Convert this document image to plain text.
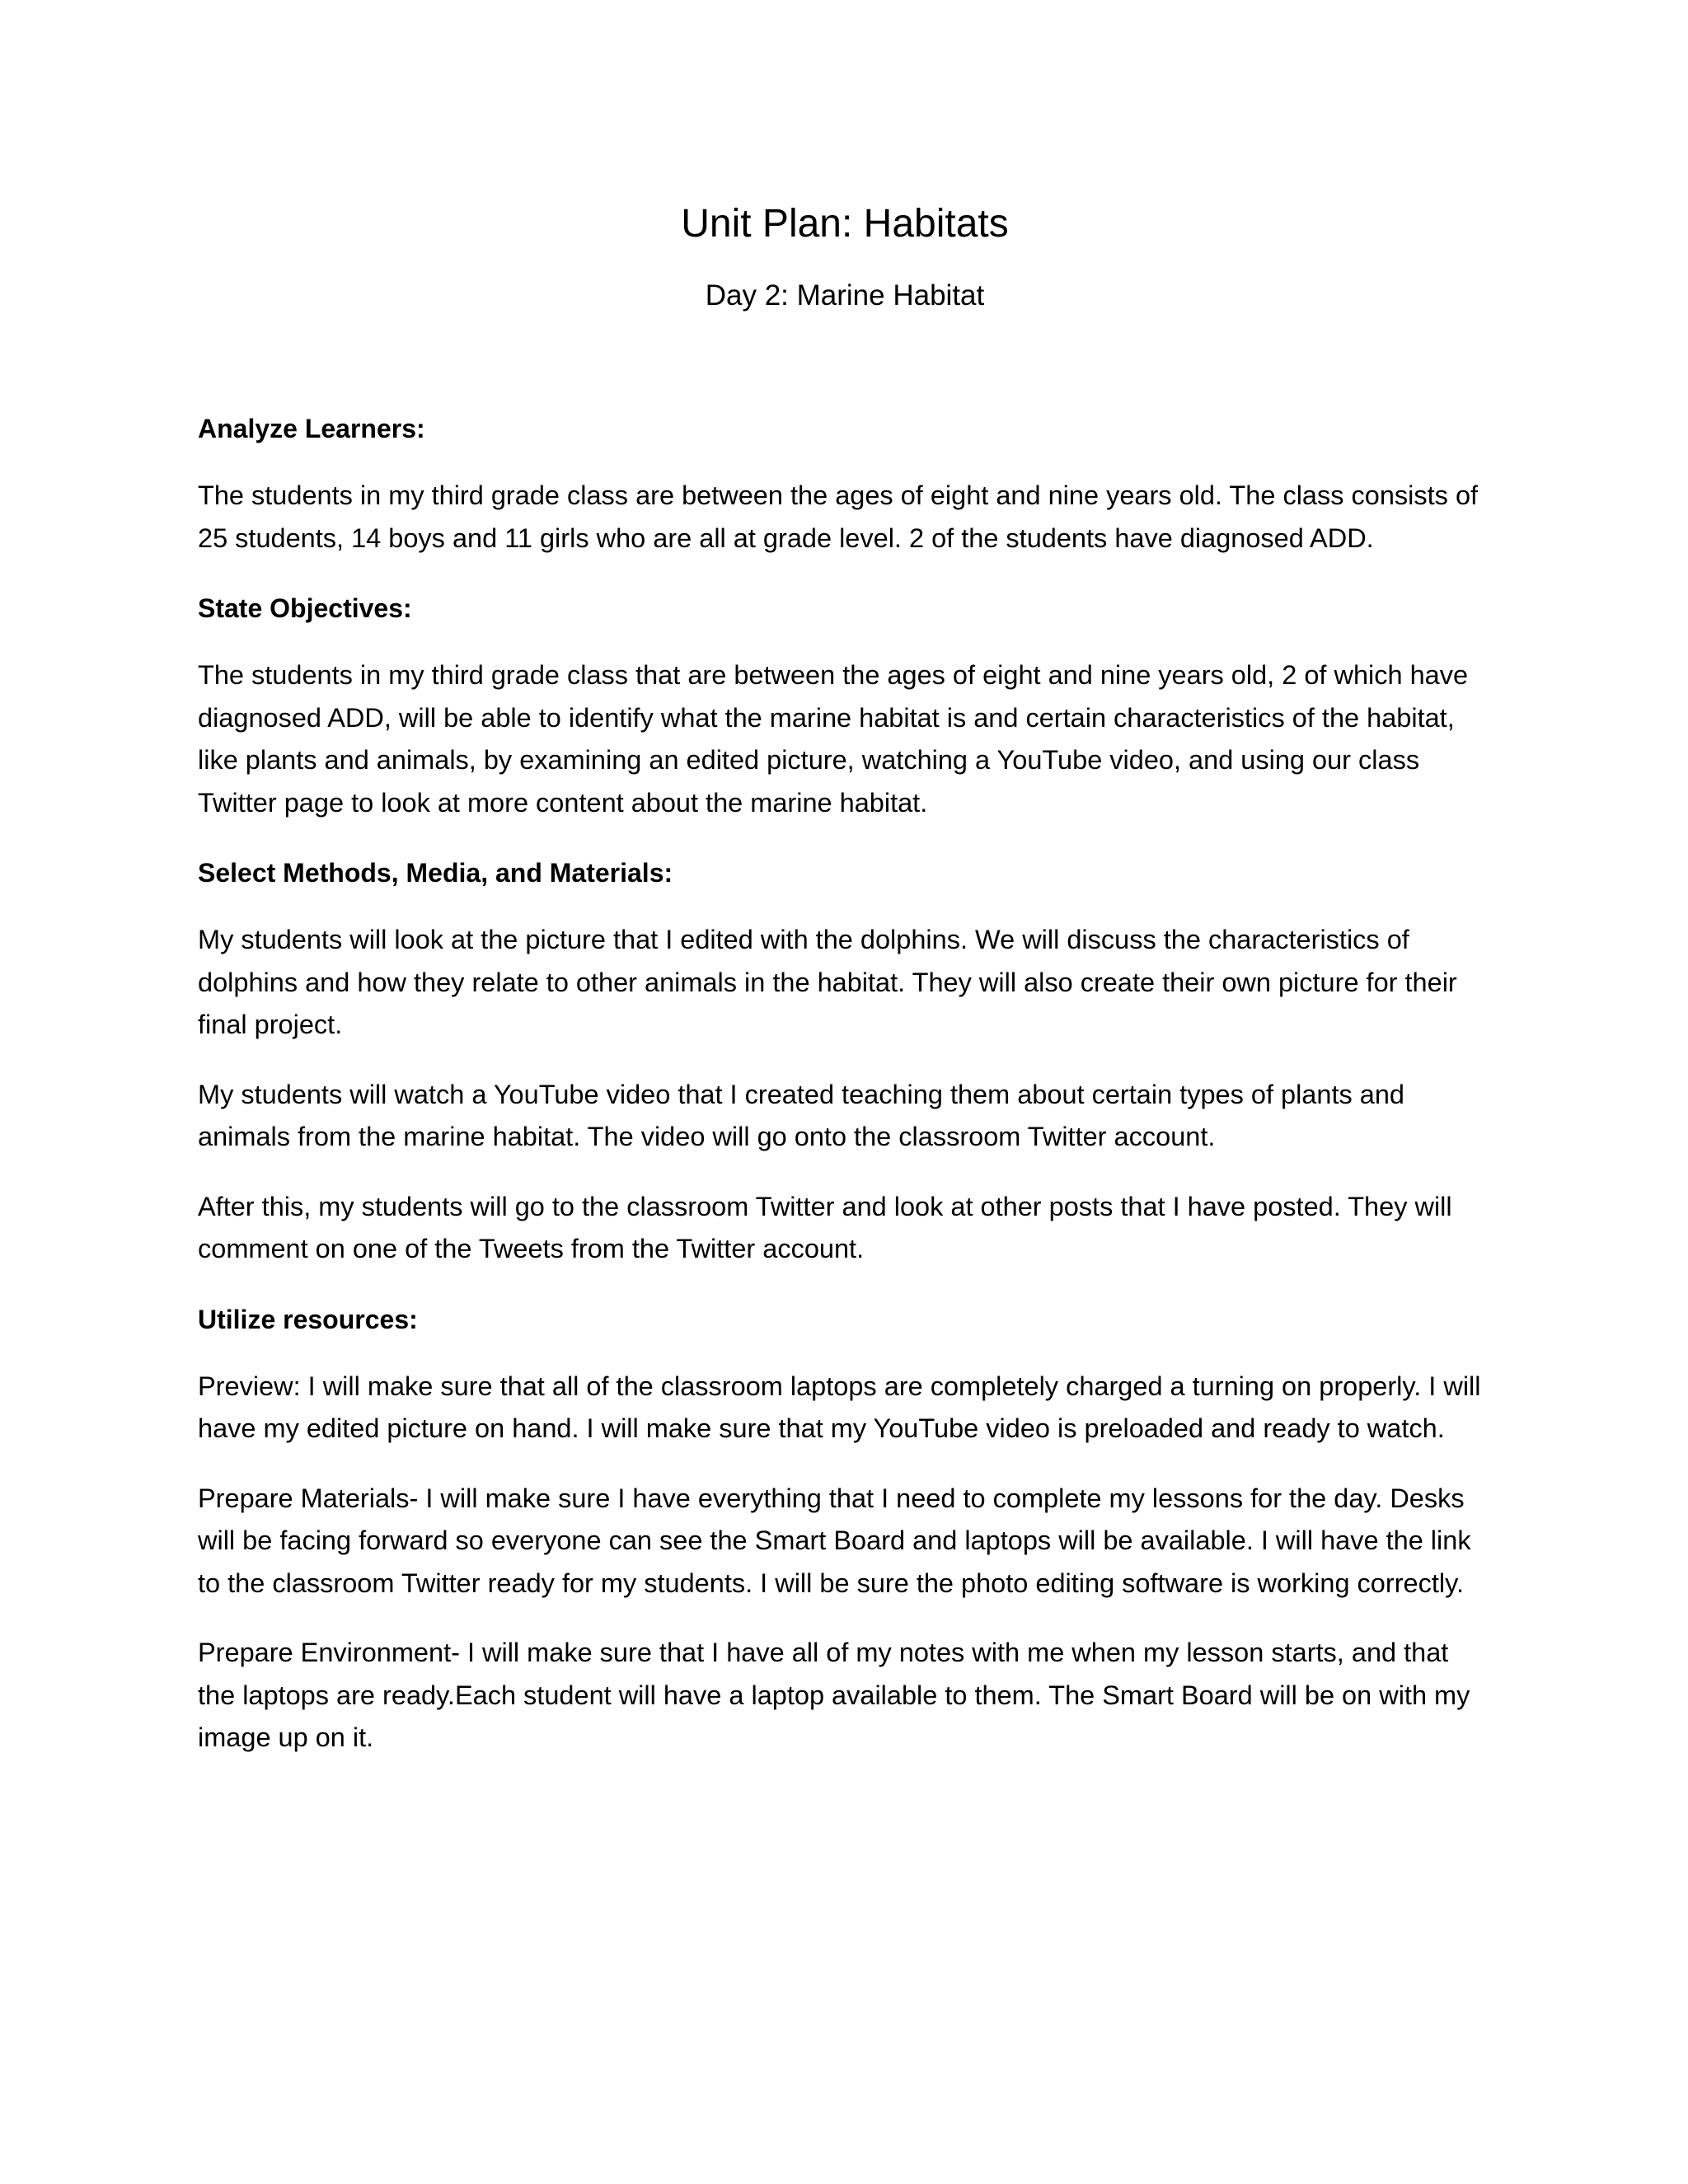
Unit Plan: Habitats
Day 2: Marine Habitat
Analyze Learners:

The students in my third grade class are between the ages of eight and nine years old. The class consists of 25 students, 14 boys and 11 girls who are all at grade level. 2 of the students have diagnosed ADD.

State Objectives:

The students in my third grade class that are between the ages of eight and nine years old, 2 of which have diagnosed ADD, will be able to identify what the marine habitat is and certain characteristics of the habitat, like plants and animals, by examining an edited picture, watching a YouTube video, and using our class Twitter page to look at more content about the marine habitat.

Select Methods, Media, and Materials:

My students will look at the picture that I edited with the dolphins. We will discuss the characteristics of dolphins and how they relate to other animals in the habitat. They will also create their own picture for their final project.

My students will watch a YouTube video that I created teaching them about certain types of plants and animals from the marine habitat. The video will go onto the classroom Twitter account.

After this, my students will go to the classroom Twitter and look at other posts that I have posted. They will comment on one of the Tweets from the Twitter account.

Utilize resources:

Preview: I will make sure that all of the classroom laptops are completely charged a turning on properly. I will have my edited picture on hand. I will make sure that my YouTube video is preloaded and ready to watch.

Prepare Materials- I will make sure I have everything that I need to complete my lessons for the day. Desks will be facing forward so everyone can see the Smart Board and laptops will be available. I will have the link to the classroom Twitter ready for my students. I will be sure the photo editing software is working correctly.

Prepare Environment- I will make sure that I have all of my notes with me when my lesson starts, and that the laptops are ready.Each student will have a laptop available to them. The Smart Board will be on with my image up on it.
